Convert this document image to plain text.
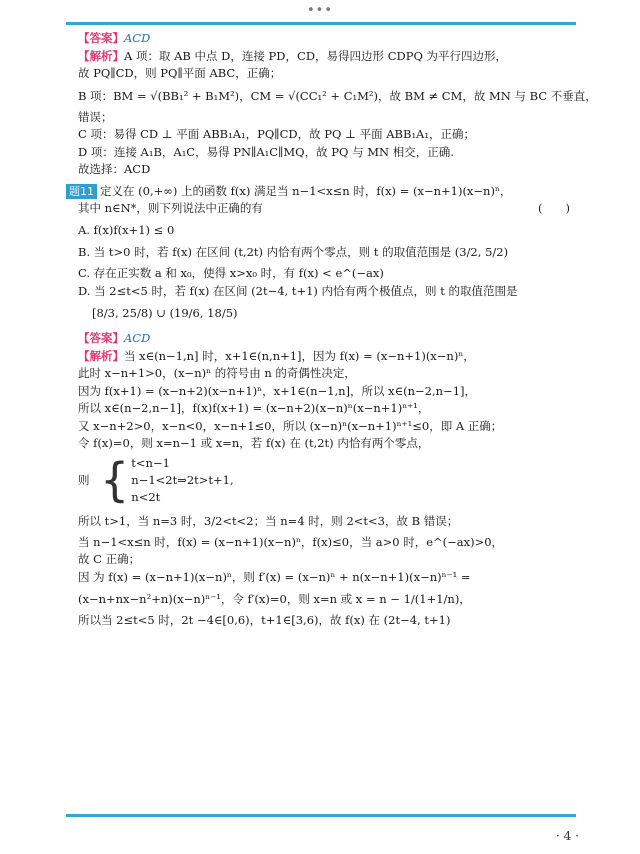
•••
【答案】ACD
【解析】A 项：取 AB 中点 D，连接 PD，CD，易得四边形 CDPQ 为平行四边形，
故 PQ∥CD，则 PQ∥平面 ABC，正确；
B 项：BM = √(BB₁² + B₁M²)，CM = √(CC₁² + C₁M²)，故 BM ≠ CM，故 MN 与 BC 不垂直，
错误；
C 项：易得 CD ⊥ 平面 ABB₁A₁，PQ∥CD，故 PQ ⊥ 平面 ABB₁A₁，正确；
D 项：连接 A₁B，A₁C，易得 PN∥A₁C∥MQ，故 PQ 与 MN 相交，正确.
故选择：ACD
题11 定义在 (0,+∞) 上的函数 f(x) 满足当 n−1<x≤n 时，f(x) = (x−n+1)(x−n)ⁿ，
其中 n∈N*，则下列说法中正确的有	(　　)
A. f(x)f(x+1) ≤ 0
B. 当 t>0 时，若 f(x) 在区间 (t,2t) 内恰有两个零点，则 t 的取值范围是 (3/2, 5/2)
C. 存在正实数 a 和 x₀，使得 x>x₀ 时，有 f(x) < e^(−ax)
D. 当 2≤t<5 时，若 f(x) 在区间 (2t−4, t+1) 内恰有两个极值点，则 t 的取值范围是
[8/3, 25/8) ∪ (19/6, 18/5)
【答案】ACD
【解析】当 x∈(n−1,n] 时，x+1∈(n,n+1]，因为 f(x) = (x−n+1)(x−n)ⁿ，
此时 x−n+1>0，(x−n)ⁿ 的符号由 n 的奇偶性决定，
因为 f(x+1) = (x−n+2)(x−n+1)ⁿ，x+1∈(n−1,n]，所以 x∈(n−2,n−1]，
所以 x∈(n−2,n−1]，f(x)f(x+1) = (x−n+2)(x−n)ⁿ(x−n+1)ⁿ⁺¹，
又 x−n+2>0，x−n<0，x−n+1≤0，所以 (x−n)ⁿ(x−n+1)ⁿ⁺¹≤0，即 A 正确；
令 f(x)=0，则 x=n−1 或 x=n，若 f(x) 在 (t,2t) 内恰有两个零点，
则 { t<n−1
n−1<2t⇒2t>t+1,
n<2t
所以 t>1，当 n=3 时，3/2<t<2；当 n=4 时，则 2<t<3，故 B 错误；
当 n−1<x≤n 时，f(x) = (x−n+1)(x−n)ⁿ，f(x)≤0，当 a>0 时，e^(−ax)>0，
故 C 正确；
因 为 f(x) = (x−n+1)(x−n)ⁿ，则 f′(x) = (x−n)ⁿ + n(x−n+1)(x−n)ⁿ⁻¹ =
(x−n+nx−n²+n)(x−n)ⁿ⁻¹，令 f′(x)=0，则 x=n 或 x = n − 1/(1+1/n)，
所以当 2≤t<5 时，2t −4∈[0,6)，t+1∈[3,6)，故 f(x) 在 (2t−4, t+1)
· 4 ·
